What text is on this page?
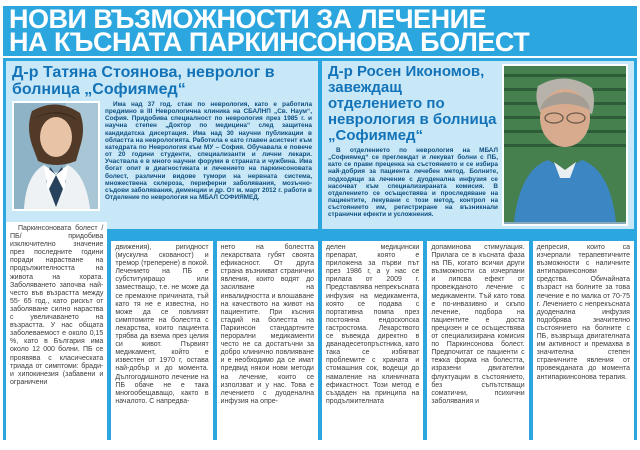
НОВИ ВЪЗМОЖНОСТИ ЗА ЛЕЧЕНИЕ
НА КЪСНАТА ПАРКИНСОНОВА БОЛЕСТ
Д-р Татяна Стоянова, невролог в болница „Софиямед“
Има над 37 год. стаж по неврология, като е работила предимно в III Неврологична клиника на СБАЛНП „Св. Наум“, София. Придобива специалност по неврология през 1985 г. и научна степен „Доктор по медицина“ след защитена кандидатска дисертация. Има над 30 научни публикации в областта на неврологията. Работила е като главен асистент към катедрата по Неврология към МУ – София. Обучавала е повече от 20 години студенти, специализанти и лични лекари. Участвала е в много научни форуми в страната и чужбина. Има богат опит в диагностиката и лечението на паркинсоновата болест, различни видове тумори на нервната система, множествена склероза, периферни заболявания, мозъчно-съдови заболявания, деменции и др. От м. март 2012 г. работи в Отделение по неврология на МБАЛ СОФИЯМЕД.
Д-р Росен Икономов, завеждащ отделението по неврология в болница „Софиямед“
В отделението по неврология на МБАЛ „Софиямед“ се преглеждат и лекуват болни с ПБ, като се прави преценка на състоянието и се избира най-добрия за пациента лечебен метод. Болните, подходящи за лечение с дуоденална инфузия се насочват към специализираната комисия. В отделението се осъществява и проследяване на пациентите, лекувани с този метод, контрол на състоянието им, регистриране на възникнали странични ефекти и усложнения.
Паркинсоновата болест /ПБ/ придобива изключително значение през последните години поради нарастване на продължителността на живота на хората. Заболяването започва най-често във възрастта между 55- 65 год., като рискът от заболяване силно нараства с увеличаването на възрастта. У нас общата заболеваемост е около 0,15 %, като в България има около 12 000 болни. ПБ се проявява с класическата триада от симптоми: бради- и хипокинезия (забавени и ограничени
движения), ригидност (мускулна скованост) и тремор (треперене) в покой. Лечението на ПБ е субституиращо или заместващо, т.е. не може да се премахне причината, тъй като тя не е известна, но може да се повлияят симптомите на болестта с лекарства, които пациента трябва да взема през целия си живот. Първият медикамент, който е известен от 1970 г, остава най-добър и до момента. Дългогодишното лечение на ПБ обаче не е така многообещаващо, както в началото. С напредва-
нето на болестта лекарствата губят своята ефикасност. От друга страна възникват странични явления, които водят до засилване на инвалидността и влошаване на качеството на живот на пациентите. При късния стадий на болестта на Паркинсон стандартните перорални медикаменти често не са достатъчни за добро клинично повлияване и е необходимо да се имат предвид някои нови методи на лечение, които се използват и у нас. Това е лечението с дуоденална инфузия на опре-
делен медицински препарат, която е приложена за първи път през 1986 г, а у нас се прилага от 2009 г. Представлява непрекъсната инфузия на медикамента, която се подава с портативна помпа през постоянна ендоскопска гастростома. Лекарството се въвежда директно в дванадесетопръстника, като така се избягват проблемите с храната и стомашния сок, водещи до намаление на клиничната ефикастност. Този метод е създаден на принципа на продължителната
допаминова стимулация. Прилага се в късната фаза на ПБ, когато всички други възможности са изчерпани и липсва ефект от провежданото лечение с медикаменти. Тъй като това е по-инвазивно и скъпо лечение, подбора на пациентите е доста прецизен и се осъществява от специализирана комисия по Паркинсонова болест. Предпочитат се пациенти с тежка форма на болестта, изразени двигателни флуктуации в състоянието, без съпътстващи соматични, психични заболявания и
депресия, които са изчерпали терапевтичните възможности с наличните антипаркинсонови средства. Обичайната възраст на болните за това лечение е по малка от 70-75 г. Лечението с непрекъсната дуоденална инфузия подобрява значително състоянието на болните с ПБ, възвръща двигателната им активност и премахва в значителна степен страничните явления от провежданата до момента антипаркинсонова терапия.
